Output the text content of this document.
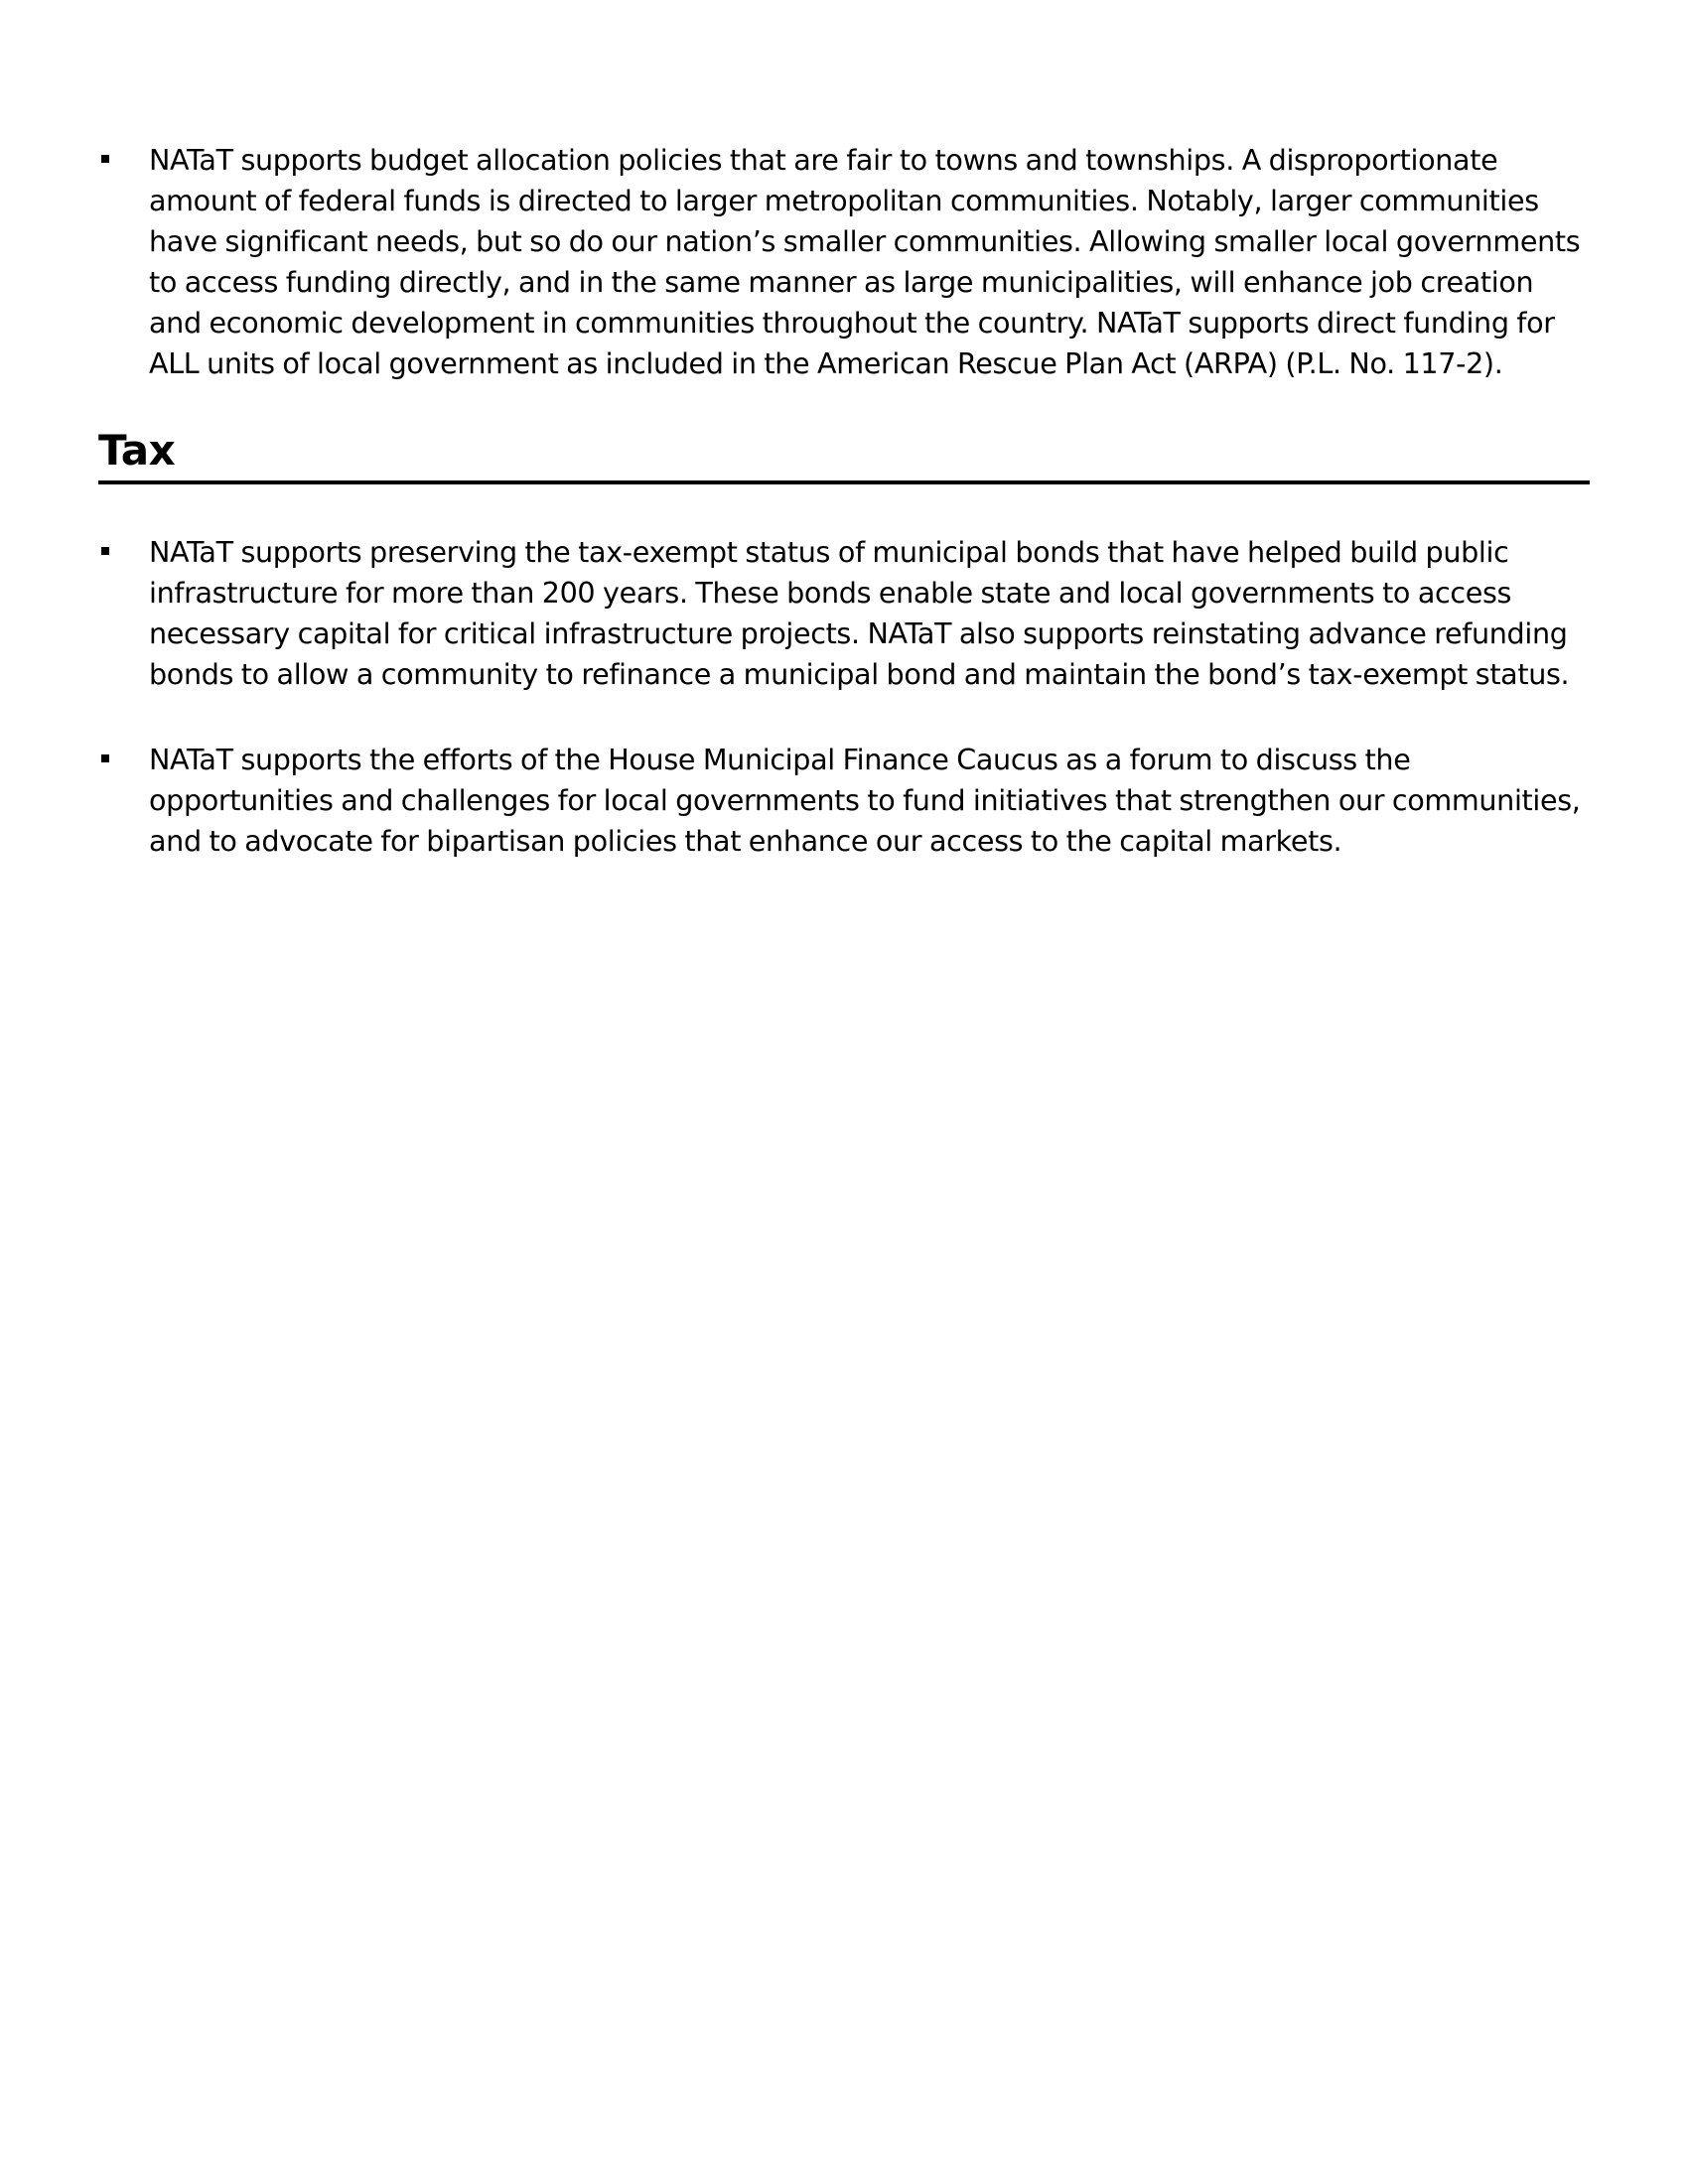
NATaT supports budget allocation policies that are fair to towns and townships. A disproportionate amount of federal funds is directed to larger metropolitan communities. Notably, larger communities have significant needs, but so do our nation’s smaller communities. Allowing smaller local governments to access funding directly, and in the same manner as large municipalities, will enhance job creation and economic development in communities throughout the country. NATaT supports direct funding for ALL units of local government as included in the American Rescue Plan Act (ARPA) (P.L. No. 117-2).
Tax
NATaT supports preserving the tax-exempt status of municipal bonds that have helped build public infrastructure for more than 200 years. These bonds enable state and local governments to access necessary capital for critical infrastructure projects. NATaT also supports reinstating advance refunding bonds to allow a community to refinance a municipal bond and maintain the bond’s tax-exempt status.
NATaT supports the efforts of the House Municipal Finance Caucus as a forum to discuss the opportunities and challenges for local governments to fund initiatives that strengthen our communities, and to advocate for bipartisan policies that enhance our access to the capital markets.
